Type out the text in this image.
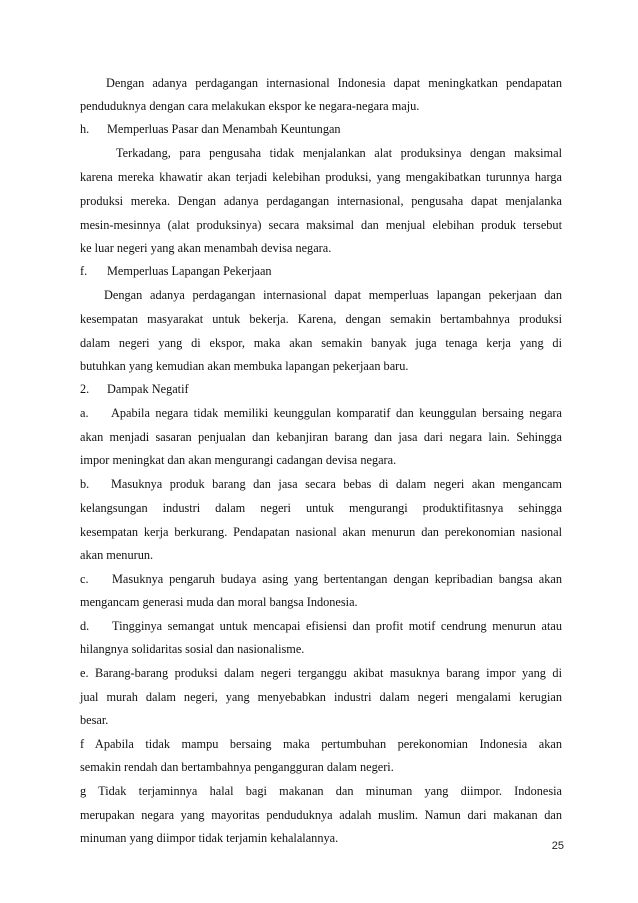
Dengan adanya perdagangan internasional Indonesia dapat meningkatkan pendapatan
penduduknya dengan cara melakukan ekspor ke negara-negara maju.
h.	Memperluas Pasar dan Menambah Keuntungan
Terkadang, para pengusaha tidak menjalankan alat produksinya dengan maksimal
karena mereka khawatir akan terjadi kelebihan produksi, yang mengakibatkan turunnya harga
produksi mereka. Dengan adanya perdagangan internasional, pengusaha dapat menjalanka
mesin-mesinnya (alat produksinya) secara maksimal dan menjual elebihan produk tersebut
ke luar negeri yang akan menambah devisa negara.
f.	Memperluas Lapangan Pekerjaan
Dengan adanya perdagangan internasional dapat memperluas lapangan pekerjaan dan
kesempatan masyarakat untuk bekerja. Karena, dengan semakin bertambahnya produksi
dalam negeri yang di ekspor, maka akan semakin banyak juga tenaga kerja yang di
butuhkan yang kemudian akan membuka lapangan pekerjaan baru.
2.	Dampak Negatif
a.	Apabila negara tidak memiliki keunggulan komparatif dan keunggulan bersaing negara
akan menjadi sasaran penjualan dan kebanjiran barang dan jasa dari negara lain. Sehingga
impor meningkat dan akan mengurangi cadangan devisa negara.
b.	Masuknya produk barang dan jasa secara bebas di dalam negeri akan mengancam
kelangsungan industri dalam negeri untuk mengurangi produktifitasnya sehingga
kesempatan kerja berkurang. Pendapatan nasional akan menurun dan perekonomian nasional
akan menurun.
c.	Masuknya pengaruh budaya asing yang bertentangan dengan kepribadian bangsa akan
mengancam generasi muda dan moral bangsa Indonesia.
d.	Tingginya semangat untuk mencapai efisiensi dan profit motif cendrung menurun atau
hilangnya solidaritas sosial dan nasionalisme.
e. Barang-barang produksi dalam negeri terganggu akibat masuknya barang impor yang di
jual murah dalam negeri, yang menyebabkan industri dalam negeri mengalami kerugian
besar.
f Apabila tidak mampu bersaing maka pertumbuhan perekonomian Indonesia akan
semakin rendah dan bertambahnya pengangguran dalam negeri.
g Tidak terjaminnya halal bagi makanan dan minuman yang diimpor. Indonesia
merupakan negara yang mayoritas penduduknya adalah muslim. Namun dari makanan dan
minuman yang diimpor tidak terjamin kehalalannya.
25
